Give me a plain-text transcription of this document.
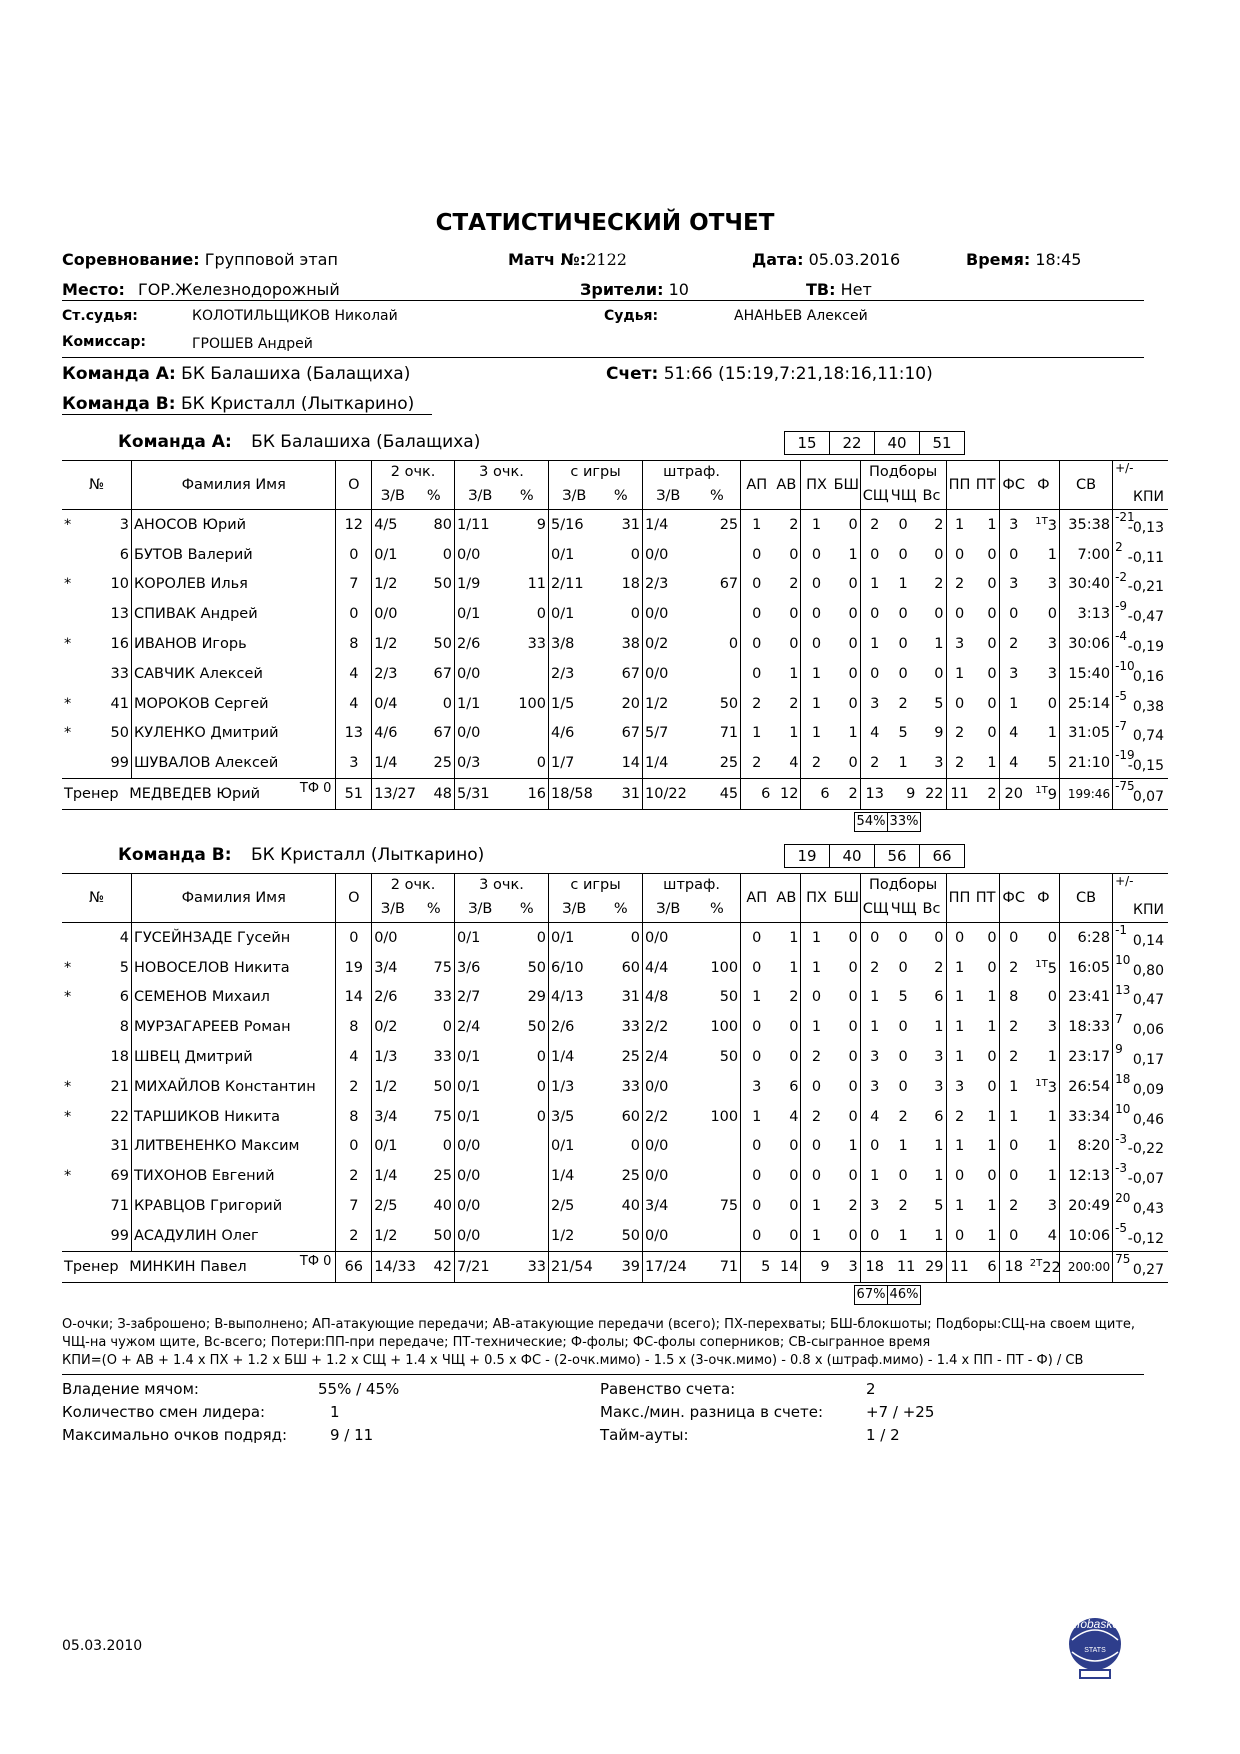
СТАТИСТИЧЕСКИЙ ОТЧЕТ
Соревнование: Групповой этап	Матч №:2122	Дата: 05.03.2016	Время: 18:45
Место: ГОР.Железнодорожный	Зрители: 10	ТВ: Нет
Ст.судья:	КОЛОТИЛЬЩИКОВ Николай	Судья:	АНАНЬЕВ Алексей
Комиссар:	ГРОШЕВ Андрей
Команда А: БК Балашиха (Балащиха)	Счет: 51:66 (15:19,7:21,18:16,11:10)
Команда B: БК Кристалл (Лыткарино)
Команда А: БК Балашиха (Балащиха)	15	22	40	51
№		Фамилия Имя	О	2 очк.		3 очк.		с игры		штраф.		АП	АВ	ПХ	БШ	Подборы			ПП	ПТ	ФС	Ф	СВ	+/-
КПИ

				З/В	%	З/В	%	З/В	%	З/В	%					СЩ	ЧЩ	Вс						
*	3	АНОСОВ Юрий	12	4/5	80	1/11	9	5/16	31	1/4	25	1	2	1	0	2	0	2	1	1	3	$^{1T}$3	35:38	-21
-0,13

	6	БУТОВ Валерий	0	0/1	0	0/0		0/1	0	0/0		0	0	0	1	0	0	0	0	0	0	1	7:00	2
-0,11

*	10	КОРОЛЕВ Илья	7	1/2	50	1/9	11	2/11	18	2/3	67	0	2	0	0	1	1	2	2	0	3	3	30:40	-2
-0,21

	13	СПИВАК Андрей	0	0/0		0/1	0	0/1	0	0/0		0	0	0	0	0	0	0	0	0	0	0	3:13	-9
-0,47

*	16	ИВАНОВ Игорь	8	1/2	50	2/6	33	3/8	38	0/2	0	0	0	0	0	1	0	1	3	0	2	3	30:06	-4
-0,19

	33	САВЧИК Алексей	4	2/3	67	0/0		2/3	67	0/0		0	1	1	0	0	0	0	1	0	3	3	15:40	-10
0,16

*	41	МОРОКОВ Сергей	4	0/4	0	1/1	100	1/5	20	1/2	50	2	2	1	0	3	2	5	0	0	1	0	25:14	-5
0,38

*	50	КУЛЕНКО Дмитрий	13	4/6	67	0/0		4/6	67	5/7	71	1	1	1	1	4	5	9	2	0	4	1	31:05	-7
0,74

	99	ШУВАЛОВ Алексей	3	1/4	25	0/3	0	1/7	14	1/4	25	2	4	2	0	2	1	3	2	1	4	5	21:10	-19
-0,15

Тренер МЕДВЕДЕВ Юрий ТФ 0			51	13/27	48	5/31	16	18/58	31	10/22	45	6	12	6	2	13	9	22	11	2	20	$^{1T}$9	199:46	-75
0,07
54% 33%
Команда B: БК Кристалл (Лыткарино)	19	40	56	66
№		Фамилия Имя	О	2 очк.		3 очк.		с игры		штраф.		АП	АВ	ПХ	БШ	Подборы			ПП	ПТ	ФС	Ф	СВ	+/-
КПИ

				З/В	%	З/В	%	З/В	%	З/В	%					СЩ	ЧЩ	Вс						
	4	ГУСЕЙНЗАДЕ Гусейн	0	0/0		0/1	0	0/1	0	0/0		0	1	1	0	0	0	0	0	0	0	0	6:28	-1
0,14

*	5	НОВОСЕЛОВ Никита	19	3/4	75	3/6	50	6/10	60	4/4	100	0	1	1	0	2	0	2	1	0	2	$^{1T}$5	16:05	10
0,80

*	6	СЕМЕНОВ Михаил	14	2/6	33	2/7	29	4/13	31	4/8	50	1	2	0	0	1	5	6	1	1	8	0	23:41	13
0,47

	8	МУРЗАГАРЕЕВ Роман	8	0/2	0	2/4	50	2/6	33	2/2	100	0	0	1	0	1	0	1	1	1	2	3	18:33	7
0,06

	18	ШВЕЦ Дмитрий	4	1/3	33	0/1	0	1/4	25	2/4	50	0	0	2	0	3	0	3	1	0	2	1	23:17	9
0,17

*	21	МИХАЙЛОВ Константин	2	1/2	50	0/1	0	1/3	33	0/0		3	6	0	0	3	0	3	3	0	1	$^{1T}$3	26:54	18
0,09

*	22	ТАРШИКОВ Никита	8	3/4	75	0/1	0	3/5	60	2/2	100	1	4	2	0	4	2	6	2	1	1	1	33:34	10
0,46

	31	ЛИТВЕНЕНКО Максим	0	0/1	0	0/0		0/1	0	0/0		0	0	0	1	0	1	1	1	1	0	1	8:20	-3
-0,22

*	69	ТИХОНОВ Евгений	2	1/4	25	0/0		1/4	25	0/0		0	0	0	0	1	0	1	0	0	0	1	12:13	-3
-0,07

	71	КРАВЦОВ Григорий	7	2/5	40	0/0		2/5	40	3/4	75	0	0	1	2	3	2	5	1	1	2	3	20:49	20
0,43

	99	АСАДУЛИН Олег	2	1/2	50	0/0		1/2	50	0/0		0	0	1	0	0	1	1	0	1	0	4	10:06	-5
-0,12

Тренер МИНКИН Павел ТФ 0			66	14/33	42	7/21	33	21/54	39	17/24	71	5	14	9	3	18	11	29	11	6	18	$^{2T}$22	200:00	75
0,27
67% 46%
О-очки; З-заброшено; В-выполнено; АП-атакующие передачи; АВ-атакующие передачи (всего); ПХ-перехваты; БШ-блокшоты; Подборы:СЩ-на своем щите,
ЧЩ-на чужом щите, Вс-всего; Потери:ПП-при передаче; ПТ-технические; Ф-фолы; ФС-фолы соперников; СВ-сыгранное время
КПИ=(О + АВ + 1.4 x ПХ + 1.2 x БШ + 1.2 x СЩ + 1.4 x ЧЩ + 0.5 x ФС - (2-очк.мимо) - 1.5 x (3-очк.мимо) - 0.8 x (штраф.мимо) - 1.4 x ПП - ПТ - Ф) / СВ
Владение мячом:	55% / 45%
Количество смен лидера:	1
Максимально очков подряд:	9 / 11
Равенство счета:	2
Макс./мин. разница в счете:	+7 / +25
Тайм-ауты:	1 / 2
05.03.2010
infobasket
STATS
